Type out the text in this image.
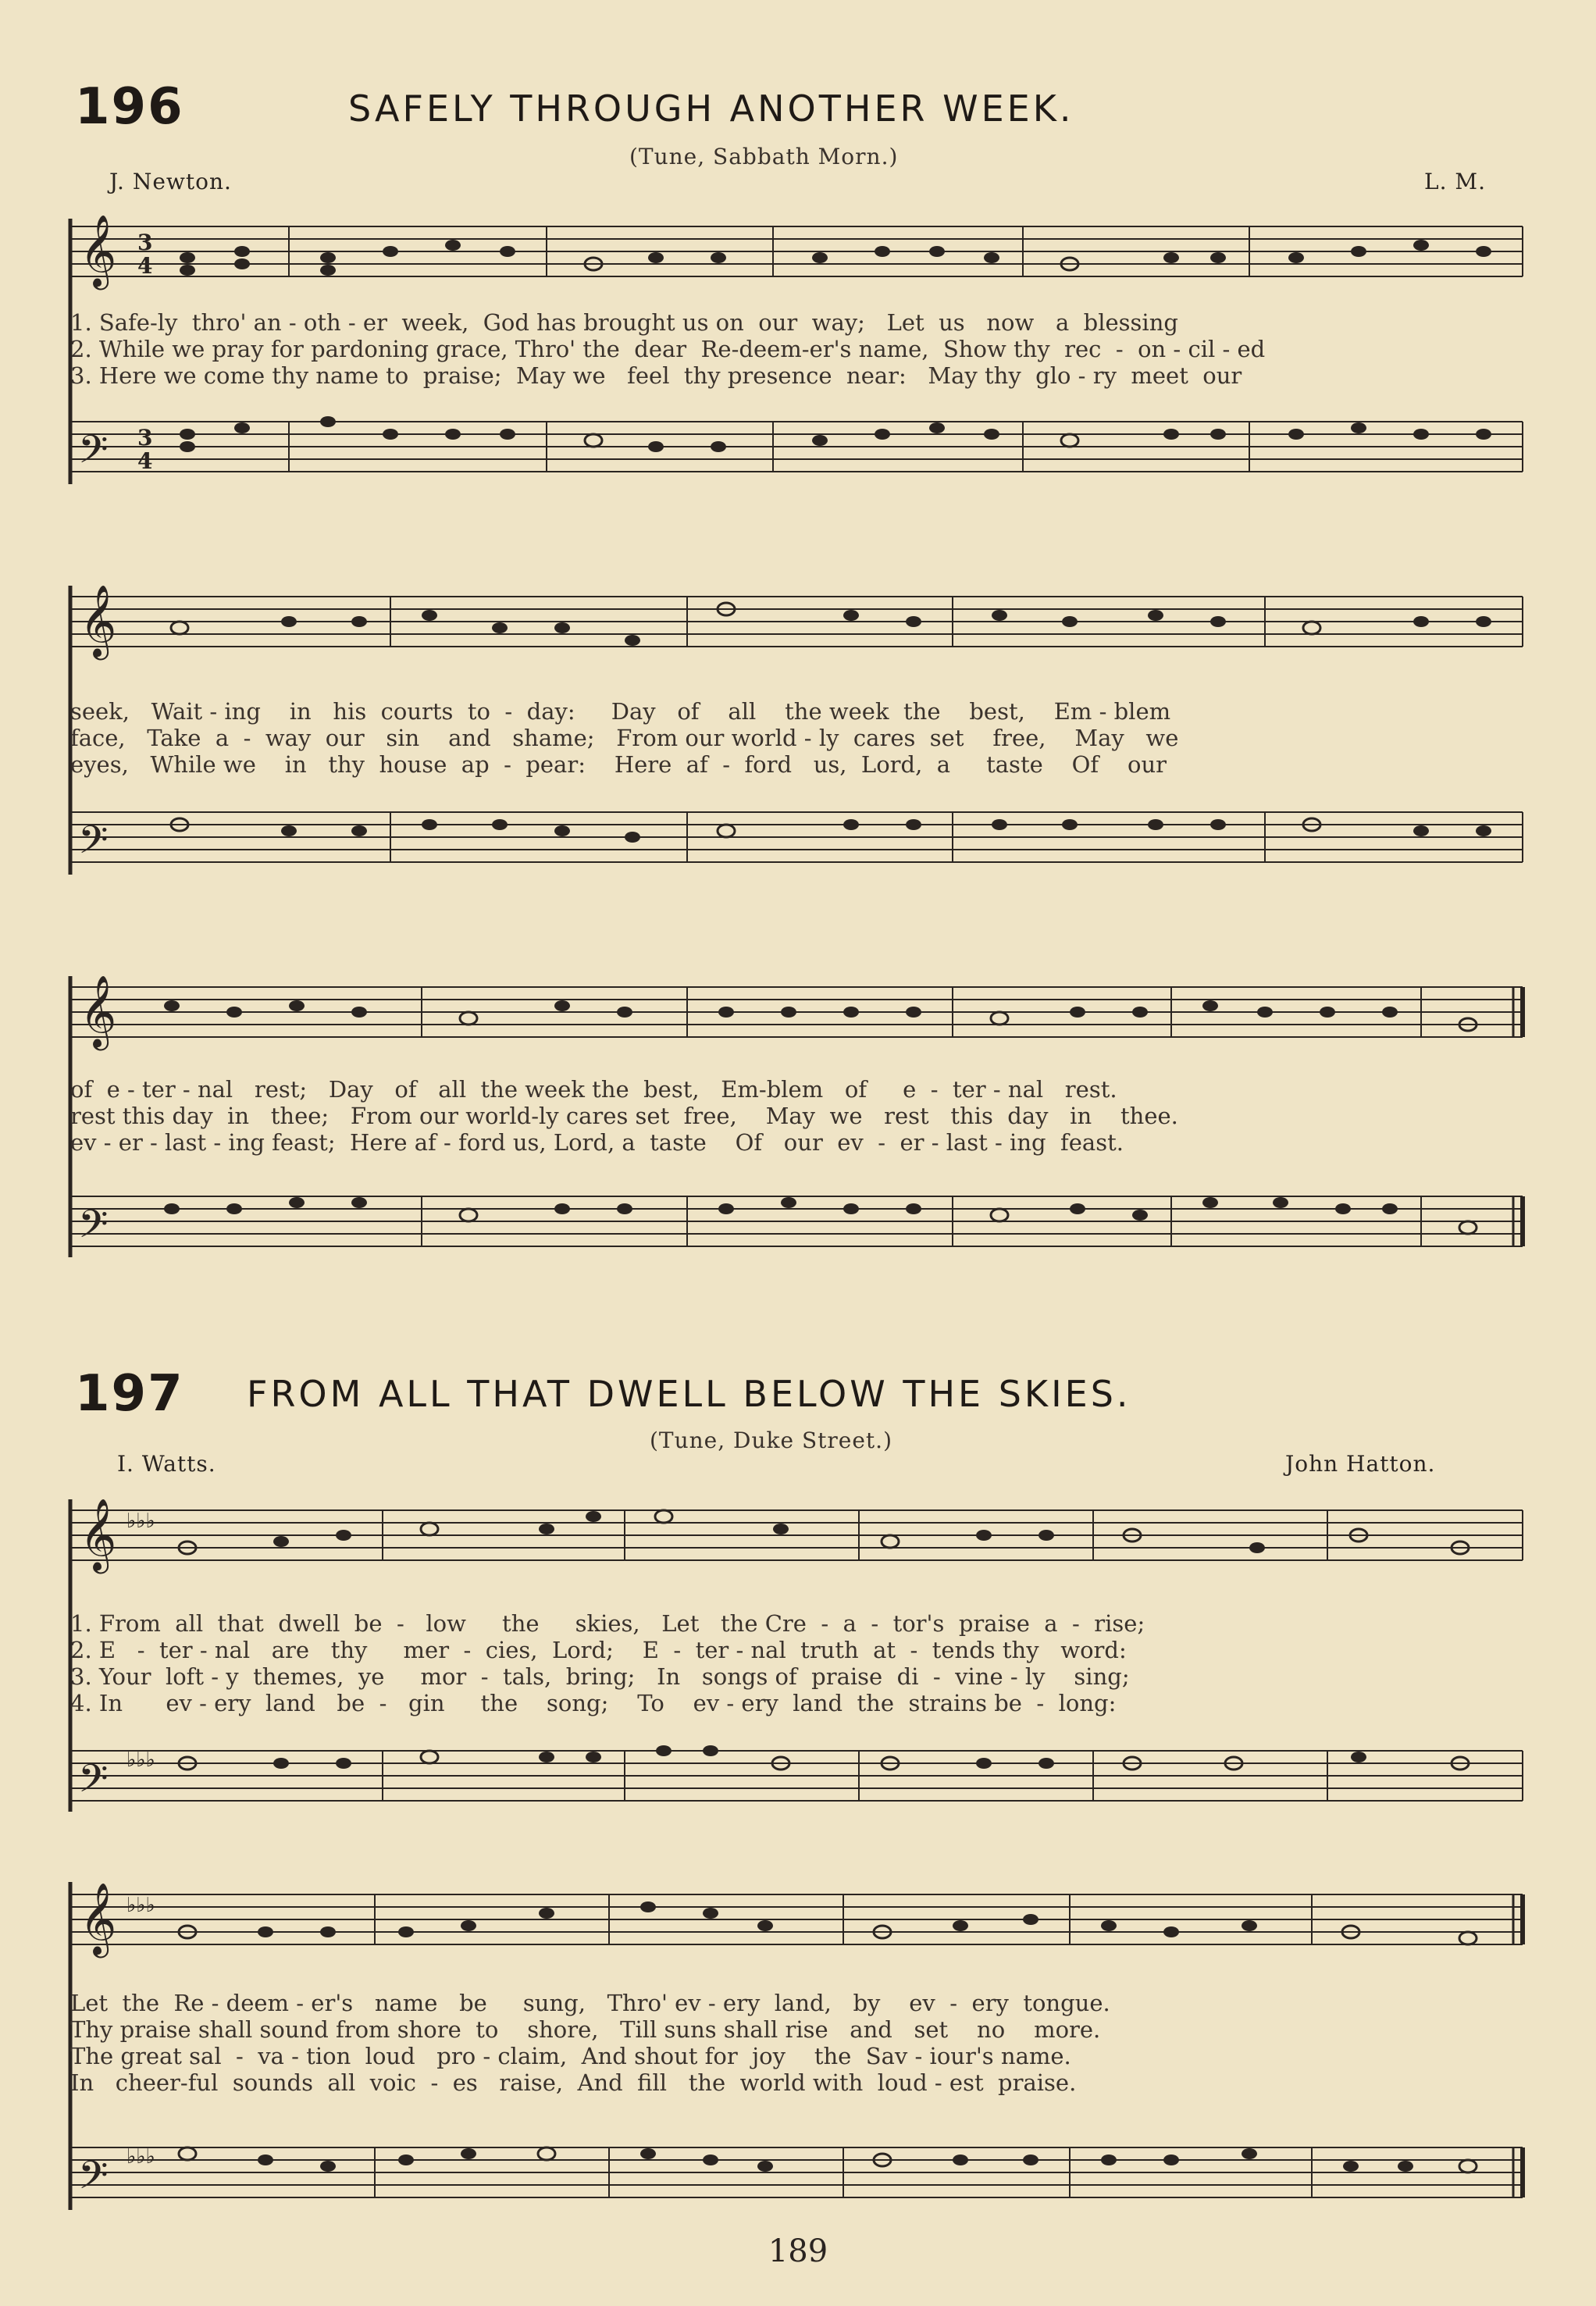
196	SAFELY THROUGH ANOTHER WEEK.
(Tune, Sabbath Morn.)
J. Newton.	L. M.
𝄞
𝄢
3
4
3
4
1. Safe-ly  thro' an - oth - er  week,  God has brought us on  our  way;   Let  us   now   a  blessing
2. While we pray for pardoning grace, Thro' the  dear  Re-deem-er's name,  Show thy  rec  -  on - cil - ed
3. Here we come thy name to  praise;  May we   feel  thy presence  near:   May thy  glo - ry  meet  our
𝄞
𝄢
seek,   Wait - ing    in   his  courts  to  -  day:     Day   of    all    the week  the    best,    Em - blem
face,   Take  a  -  way  our   sin    and   shame;   From our world - ly  cares  set    free,    May   we
eyes,   While we    in   thy  house  ap  -  pear:    Here  af  -  ford   us,  Lord,  a     taste    Of    our
𝄞
𝄢
of  e - ter - nal   rest;   Day   of   all  the week the  best,   Em-blem   of     e  -  ter - nal   rest.
rest this day  in   thee;   From our world-ly cares set  free,    May  we   rest   this  day   in    thee.
ev - er - last - ing feast;  Here af - ford us, Lord, a  taste    Of   our  ev  -  er - last - ing  feast.
197 FROM ALL THAT DWELL BELOW THE SKIES.
(Tune, Duke Street.)
I. Watts.	John Hatton.
𝄞
𝄢
♭♭♭
♭♭♭
1. From  all  that  dwell  be  -   low     the     skies,   Let   the Cre  -  a  -  tor's  praise  a  -  rise;
2. E   -  ter - nal   are   thy     mer  -  cies,  Lord;    E  -  ter - nal  truth  at  -  tends thy   word:
3. Your  loft - y  themes,  ye     mor  -  tals,  bring;   In   songs of  praise  di  -  vine - ly    sing;
4. In      ev - ery  land   be  -   gin     the    song;    To    ev - ery  land  the  strains be  -  long:
𝄞
𝄢
♭♭♭
♭♭♭
Let  the  Re - deem - er's   name   be     sung,   Thro' ev - ery  land,   by    ev  -  ery  tongue.
Thy praise shall sound from shore  to    shore,   Till suns shall rise   and   set    no    more.
The great sal  -  va - tion  loud   pro - claim,  And shout for  joy    the  Sav - iour's name.
In   cheer-ful  sounds  all  voic  -  es   raise,  And  fill   the  world with  loud - est  praise.
189
